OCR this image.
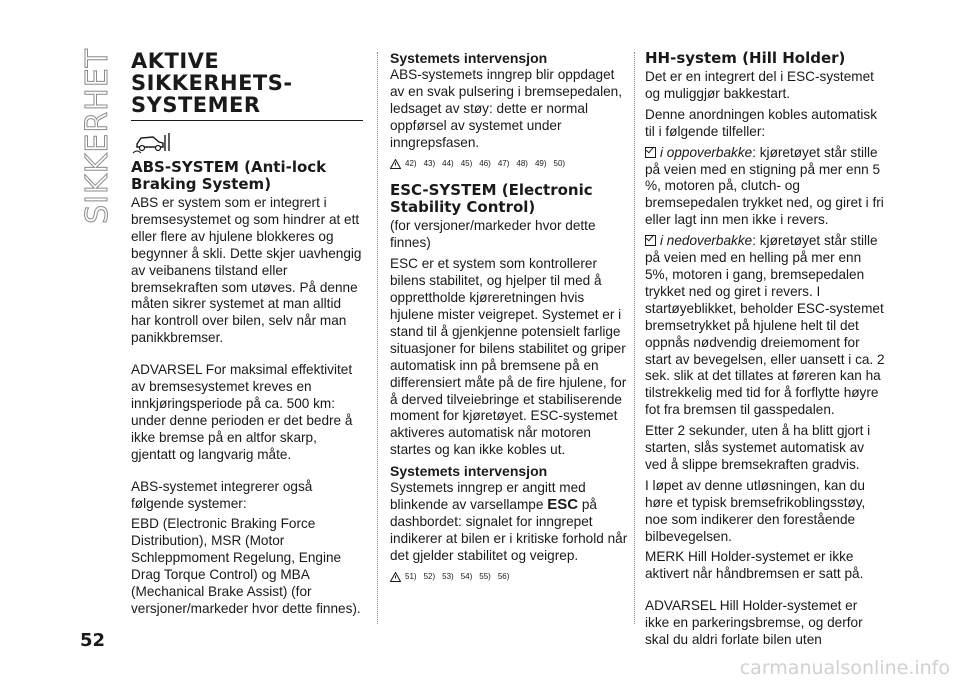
SIKKERHET AKTIVE
SIKKERHETS-
SYSTEMER
ABS-SYSTEM (Anti-lock Braking System)

ABS er system som er integrert i bremsesystemet og som hindrer at ett eller flere av hjulene blokkeres og begynner å skli. Dette skjer uavhengig av veibanens tilstand eller bremsekraften som utøves. På denne måten sikrer systemet at man alltid har kontroll over bilen, selv når man panikkbremser.

ADVARSEL For maksimal effektivitet av bremsesystemet kreves en innkjøringsperiode på ca. 500 km: under denne perioden er det bedre å ikke bremse på en altfor skarp, gjentatt og langvarig måte.

ABS-systemet integrerer også følgende systemer:

EBD (Electronic Braking Force Distribution), MSR (Motor Schleppmoment Regelung, Engine Drag Torque Control) og MBA (Mechanical Brake Assist) (for versjoner/markeder hvor dette finnes).

Systemets intervensjon

ABS-systemets inngrep blir oppdaget av en svak pulsering i bremsepedalen, ledsaget av støy: dette er normal oppførsel av systemet under inngrepsfasen.

42) 43) 44) 45) 46) 47) 48) 49) 50)
ESC-SYSTEM (Electronic Stability Control)

(for versjoner/markeder hvor dette finnes)

ESC er et system som kontrollerer bilens stabilitet, og hjelper til med å opprettholde kjøreretningen hvis hjulene mister veigrepet. Systemet er i stand til å gjenkjenne potensielt farlige situasjoner for bilens stabilitet og griper automatisk inn på bremsene på en differensiert måte på de fire hjulene, for å derved tilveiebringe et stabiliserende moment for kjøretøyet. ESC-systemet aktiveres automatisk når motoren startes og kan ikke kobles ut.

Systemets intervensjon

Systemets inngrep er angitt med blinkende av varsellampe ESC på dashbordet: signalet for inngrepet indikerer at bilen er i kritiske forhold når det gjelder stabilitet og veigrep.

51) 52) 53) 54) 55) 56)
HH-system (Hill Holder)

Det er en integrert del i ESC-systemet og muliggjør bakkestart.

Denne anordningen kobles automatisk til i følgende tilfeller:

i oppoverbakke: kjøretøyet står stille på veien med en stigning på mer enn 5 %, motoren på, clutch- og bremsepedalen trykket ned, og giret i fri eller lagt inn men ikke i revers.

i nedoverbakke: kjøretøyet står stille på veien med en helling på mer enn 5%, motoren i gang, bremsepedalen trykket ned og giret i revers. I startøyeblikket, beholder ESC-systemet bremsetrykket på hjulene helt til det oppnås nødvendig dreiemoment for start av bevegelsen, eller uansett i ca. 2 sek. slik at det tillates at føreren kan ha tilstrekkelig med tid for å forflytte høyre fot fra bremsen til gasspedalen.

Etter 2 sekunder, uten å ha blitt gjort i starten, slås systemet automatisk av ved å slippe bremsekraften gradvis.

I løpet av denne utløsningen, kan du høre et typisk bremsefrikoblingsstøy, noe som indikerer den forestående bilbevegelsen.

MERK Hill Holder-systemet er ikke aktivert når håndbremsen er satt på.

ADVARSEL Hill Holder-systemet er ikke en parkeringsbremse, og derfor skal du aldri forlate bilen uten

52
carmanualsonline.info
